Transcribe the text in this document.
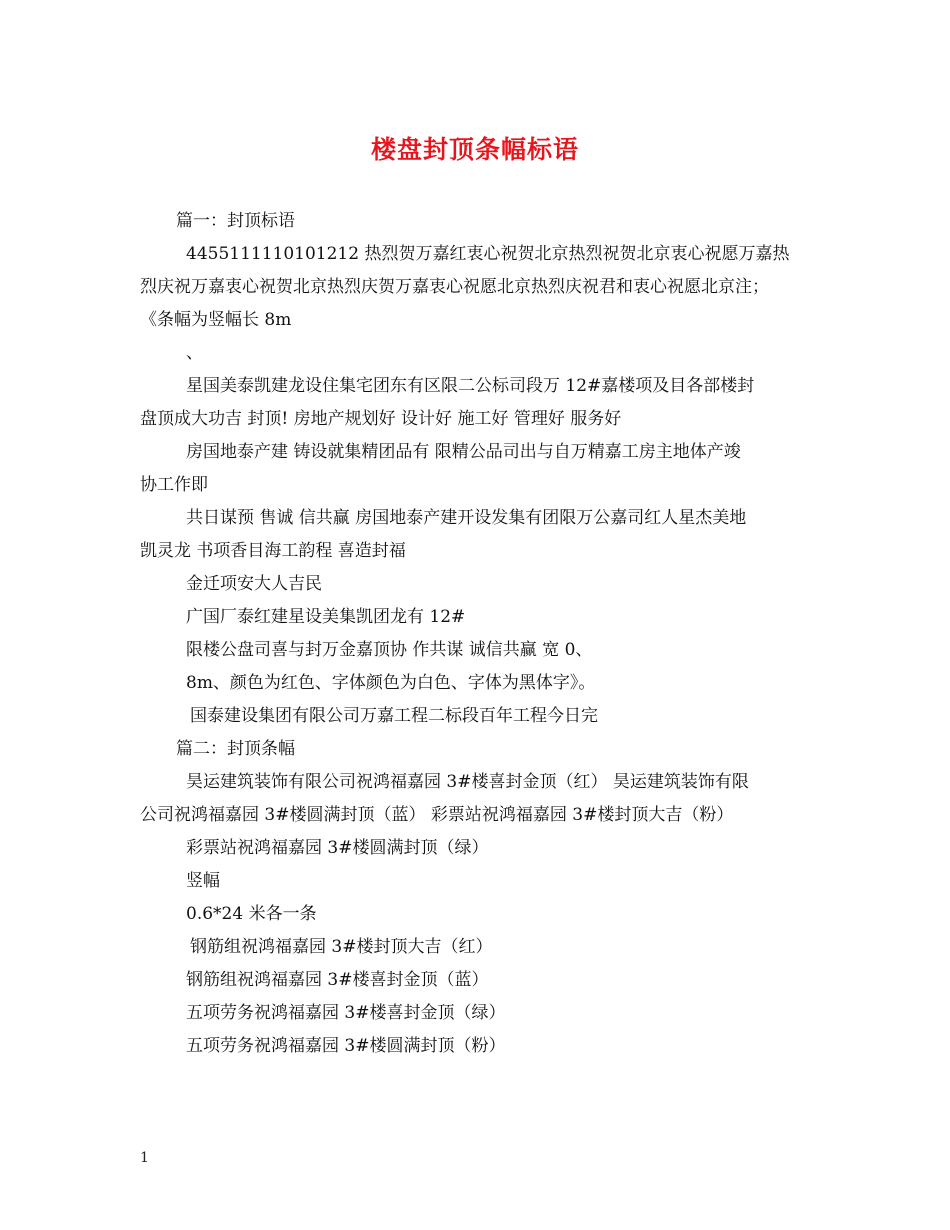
楼盘封顶条幅标语

篇一：封顶标语

4455111110101212 热烈贺万嘉红衷心祝贺北京热烈祝贺北京衷心祝愿万嘉热

烈庆祝万嘉衷心祝贺北京热烈庆贺万嘉衷心祝愿北京热烈庆祝君和衷心祝愿北京注；

《条幅为竖幅长 8m

、

星国美泰凯建龙设住集宅团东有区限二公标司段万 12#嘉楼项及目各部楼封

盘顶成大功吉 封顶! 房地产规划好 设计好 施工好 管理好 服务好

房国地泰产建 铸设就集精团品有 限精公品司出与自万精嘉工房主地体产竣

协工作即

共日谋预 售诚 信共赢 房国地泰产建开设发集有团限万公嘉司红人星杰美地

凯灵龙 书项香目海工韵程 喜造封福

金迁项安大人吉民

广国厂泰红建星设美集凯团龙有 12#

限楼公盘司喜与封万金嘉顶协 作共谋 诚信共赢 宽 0、

8m、颜色为红色、字体颜色为白色、字体为黑体字》。

国泰建设集团有限公司万嘉工程二标段百年工程今日完

篇二：封顶条幅

昊运建筑装饰有限公司祝鸿福嘉园 3#楼喜封金顶（红） 昊运建筑装饰有限

公司祝鸿福嘉园 3#楼圆满封顶（蓝） 彩票站祝鸿福嘉园 3#楼封顶大吉（粉）

彩票站祝鸿福嘉园 3#楼圆满封顶（绿）

竖幅

0.6*24 米各一条

钢筋组祝鸿福嘉园 3#楼封顶大吉（红）

钢筋组祝鸿福嘉园 3#楼喜封金顶（蓝）

五项劳务祝鸿福嘉园 3#楼喜封金顶（绿）

五项劳务祝鸿福嘉园 3#楼圆满封顶（粉）

1
